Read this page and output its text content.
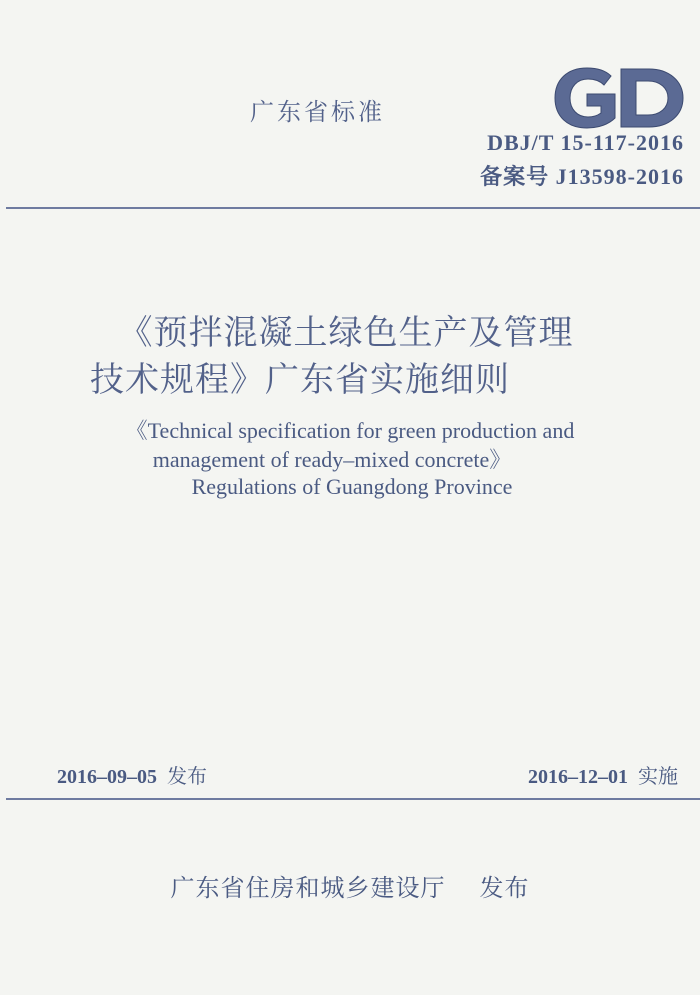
广东省标准
DBJ/T 15-117-2016
备案号 J13598-2016
《预拌混凝土绿色生产及管理
技术规程》广东省实施细则
《Technical specification for green production and
management of ready–mixed concrete》
Regulations of Guangdong Province
2016–09–05 发布	2016–12–01 实施
广东省住房和城乡建设厅 发布
